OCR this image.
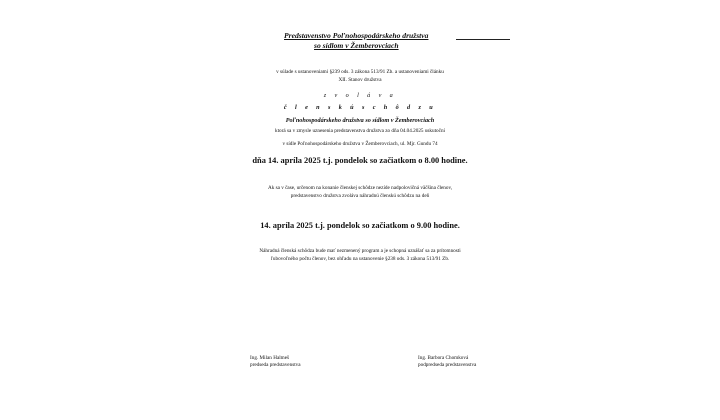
Predstavenstvo Poľnohospodárskeho družstva
so sídlom v Žemberovciach
v súlade s ustanoveniami §239 ods. 3 zákona 513/91 Zb. a ustanoveniami článku
XII. Stanov družstva
z v o l á v a
č l e n s k ú s c h ô d z u
Poľnohospodárskeho družstva so sídlom v Žemberovciach
ktorá sa v zmysle uznesenia predstavenstva družstva zo dňa 04.04.2025 uskutoční
v sídle Poľnohospodárskeho družstva v Žemberovciach, ul. Mjr. Gundu 74
dňa 14. apríla 2025 t.j. pondelok so začiatkom o 8.00 hodine.
Ak sa v čase, určenom na konanie členskej schôdze nezíde nadpolovičná väčšina členov,
predstavenstvo družstva zvoláva náhradnú členskú schôdzu na deň
14. apríla 2025 t.j. pondelok so začiatkom o 9.00 hodine.
Náhradná členská schôdza bude mať nezmenený program a je schopná uznášať sa za prítomnosti
ľubovoľného počtu členov, bez ohľadu na ustanovenie §238 ods. 3 zákona 513/91 Zb.
Ing. Milan Halmeš
predseda predstavenstva
Ing. Barbora Chomková
podpredseda predstavenstva
